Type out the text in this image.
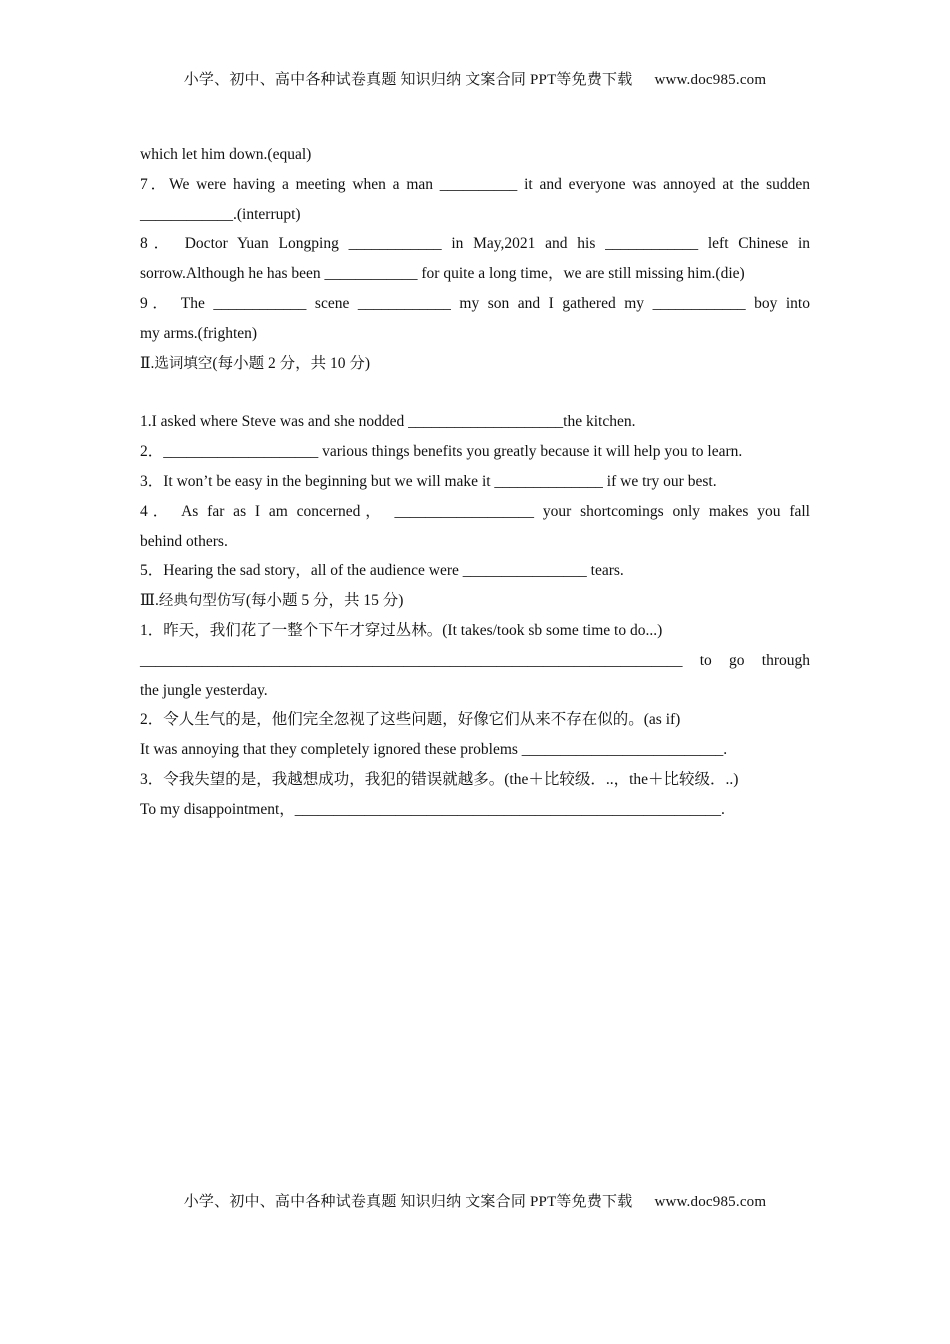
小学、初中、高中各种试卷真题 知识归纳 文案合同 PPT等免费下载 www.doc985.com
which let him down.(equal)
7．We were having a meeting when a man __________ it and everyone was annoyed at the sudden
____________.(interrupt)
8． Doctor Yuan Longping ____________ in May,2021 and his ____________ left Chinese in
sorrow.Although he has been ____________ for quite a long time，we are still missing him.(die)
9． The ____________ scene ____________ my son and I gathered my ____________ boy into
my arms.(frighten)
Ⅱ.选词填空(每小题 2 分，共 10 分)
1.I asked where Steve was and she nodded ____________________the kitchen.
2．____________________ various things benefits you greatly because it will help you to learn.
3．It won’t be easy in the beginning but we will make it ______________ if we try our best.
4． As far as I am concerned， __________________ your shortcomings only makes you fall
behind others.
5．Hearing the sad story，all of the audience were ________________ tears.
Ⅲ.经典句型仿写(每小题 5 分，共 15 分)
1．昨天，我们花了一整个下午才穿过丛林。(It takes/took sb some time to do...)
______________________________________________________________________ to go through
the jungle yesterday.
2．令人生气的是，他们完全忽视了这些问题，好像它们从来不存在似的。(as if)
It was annoying that they completely ignored these problems __________________________.
3．令我失望的是，我越想成功，我犯的错误就越多。(the＋比较级．..，the＋比较级．..)
To my disappointment，_______________________________________________________.
小学、初中、高中各种试卷真题 知识归纳 文案合同 PPT等免费下载 www.doc985.com
